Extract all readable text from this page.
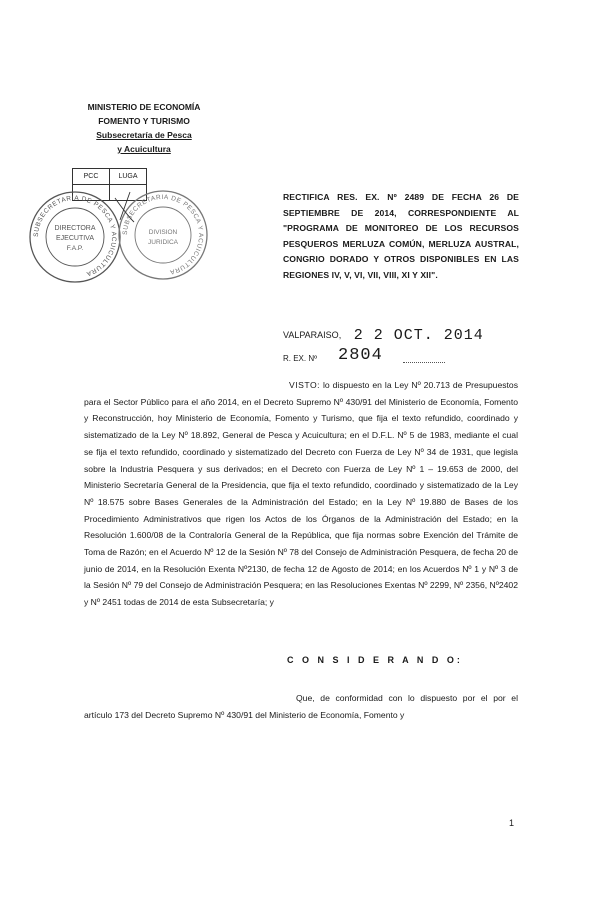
MINISTERIO DE ECONOMÍA
FOMENTO Y TURISMO
Subsecretaría de Pesca
y Acuicultura
PCC	LUGA

SUBSECRETARIA DE PESCA Y ACUICULTURA
DIRECTORA
EJECUTIVA
F.A.P.
SUBSECRETARIA DE PESCA Y ACUICULTURA
DIVISION
JURIDICA
RECTIFICA RES. EX. Nº 2489 DE FECHA 26 DE SEPTIEMBRE DE 2014, CORRESPONDIENTE AL "PROGRAMA DE MONITOREO DE LOS RECURSOS PESQUEROS MERLUZA COMÚN, MERLUZA AUSTRAL, CONGRIO DORADO Y OTROS DISPONIBLES EN LAS REGIONES IV, V, VI, VII, VIII, XI Y XII".
VALPARAISO, 2 2 OCT. 2014
R. EX. Nº 2804
VISTO: lo dispuesto en la Ley Nº 20.713 de Presupuestos para el Sector Público para el año 2014, en el Decreto Supremo Nº 430/91 del Ministerio de Economía, Fomento y Reconstrucción, hoy Ministerio de Economía, Fomento y Turismo, que fija el texto refundido, coordinado y sistematizado de la Ley Nº 18.892, General de Pesca y Acuicultura; en el D.F.L. Nº 5 de 1983, mediante el cual se fija el texto refundido, coordinado y sistematizado del Decreto con Fuerza de Ley Nº 34 de 1931, que legisla sobre la Industria Pesquera y sus derivados; en el Decreto con Fuerza de Ley Nº 1 – 19.653 de 2000, del Ministerio Secretaría General de la Presidencia, que fija el texto refundido, coordinado y sistematizado de la Ley Nº 18.575 sobre Bases Generales de la Administración del Estado; en la Ley Nº 19.880 de Bases de los Procedimiento Administrativos que rigen los Actos de los Órganos de la Administración del Estado; en la Resolución 1.600/08 de la Contraloría General de la República, que fija normas sobre Exención del Trámite de Toma de Razón; en el Acuerdo Nº 12 de la Sesión Nº 78 del Consejo de Administración Pesquera, de fecha 20 de junio de 2014, en la Resolución Exenta Nº2130, de fecha 12 de Agosto de 2014; en los Acuerdos Nº 1 y Nº 3 de la Sesión Nº 79 del Consejo de Administración Pesquera; en las Resoluciones Exentas Nº 2299, Nº 2356, Nº2402 y Nº 2451 todas de 2014 de esta Subsecretaría; y
C O N S I D E R A N D O:
Que, de conformidad con lo dispuesto por el por el artículo 173 del Decreto Supremo Nº 430/91 del Ministerio de Economía, Fomento y
1
